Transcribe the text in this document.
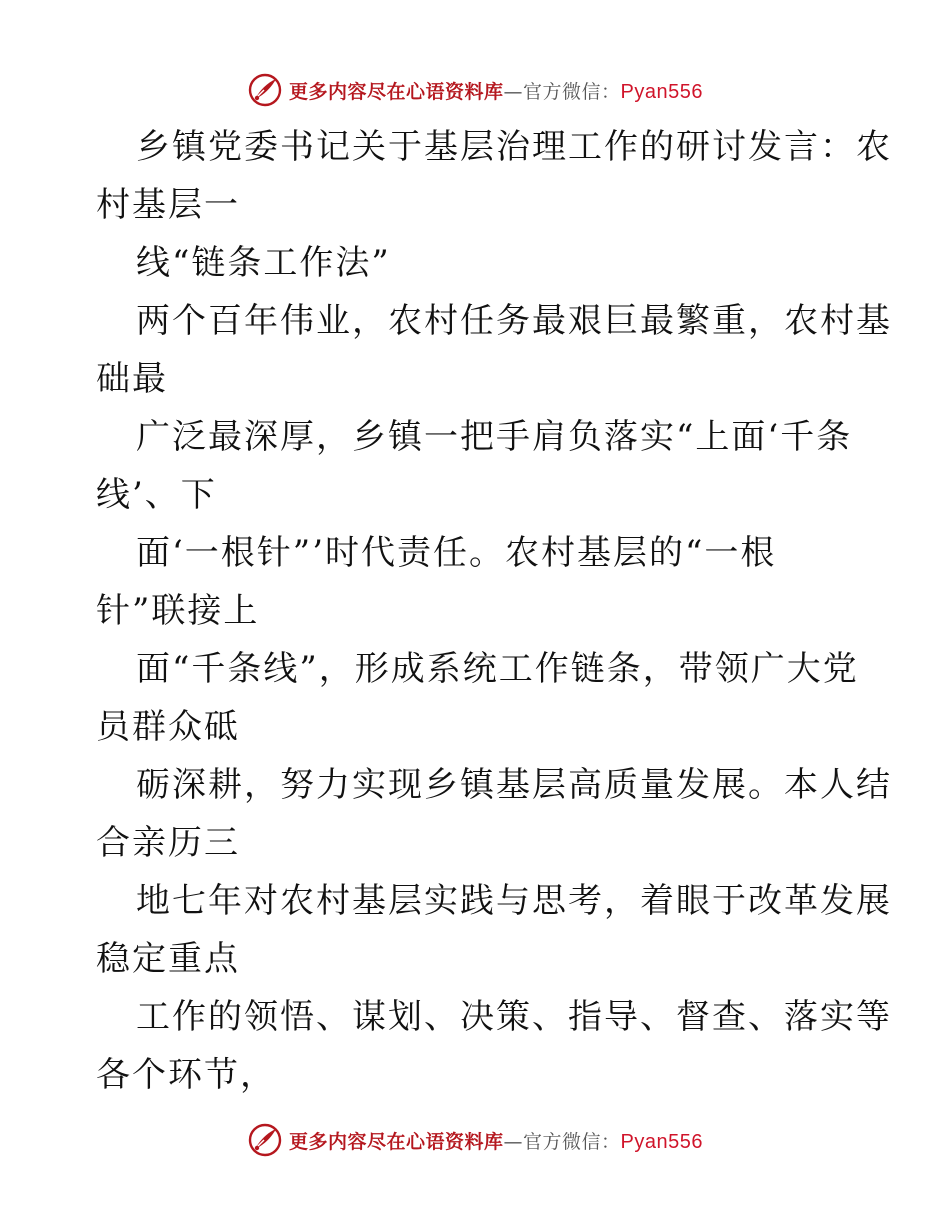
更多内容尽在心语资料库—官方微信：Pyan556
乡镇党委书记关于基层治理工作的研讨发言：农
村基层一
线“链条工作法”
两个百年伟业，农村任务最艰巨最繁重，农村基
础最
广泛最深厚，乡镇一把手肩负落实“上面‘千条
线’、下
面‘一根针”’时代责任。农村基层的“一根
针”联接上
面“千条线”，形成系统工作链条，带领广大党
员群众砥
砺深耕，努力实现乡镇基层高质量发展。本人结
合亲历三
地七年对农村基层实践与思考，着眼于改革发展
稳定重点
工作的领悟、谋划、决策、指导、督查、落实等
各个环节，
更多内容尽在心语资料库—官方微信：Pyan556
